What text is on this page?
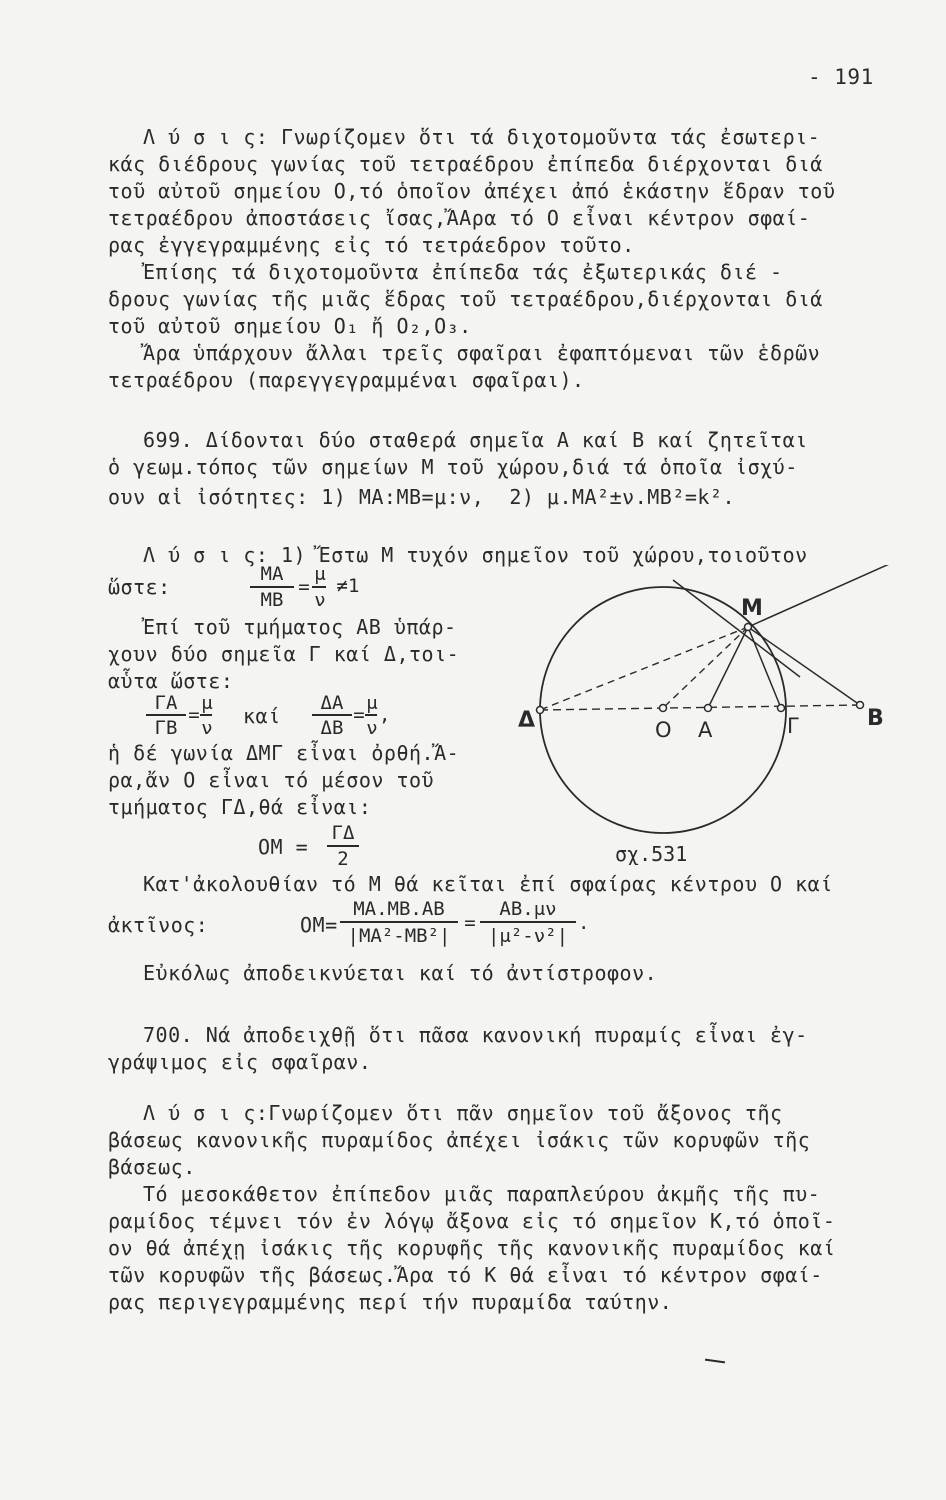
- 191
Λ ύ σ ι ς: Γνωρίζομεν ὅτι τά διχοτομοῦντα τάς ἐσωτερι-
κάς διέδρους γωνίας τοῦ τετραέδρου ἐπίπεδα διέρχονται διά
τοῦ αὐτοῦ σημείου Ο,τό ὁποῖον ἀπέχει ἀπό ἑκάστην ἕδραν τοῦ
τετραέδρου ἀποστάσεις ἴσας,ἌΑρα τό Ο εἶναι κέντρον σφαί-
ρας ἐγγεγραμμένης εἰς τό τετράεδρον τοῦτο.
Ἐπίσης τά διχοτομοῦντα ἐπίπεδα τάς ἐξωτερικάς διέ -
δρους γωνίας τῆς μιᾶς ἕδρας τοῦ τετραέδρου,διέρχονται διά
τοῦ αὐτοῦ σημείου Ο₁ ἤ Ο₂,Ο₃.
Ἄρα ὑπάρχουν ἄλλαι τρεῖς σφαῖραι ἐφαπτόμεναι τῶν ἑδρῶν
τετραέδρου (παρεγγεγραμμέναι σφαῖραι).
699. Δίδονται δύο σταθερά σημεῖα Α καί Β καί ζητεῖται
ὁ γεωμ.τόπος τῶν σημείων Μ τοῦ χώρου,διά τά ὁποῖα ἰσχύ-
ουν αἱ ἰσότητες: 1) ΜΑ:ΜΒ=μ:ν,  2) μ.ΜΑ²±ν.ΜΒ²=k².
Λ ύ σ ι ς: 1) Ἔστω Μ τυχόν σημεῖον τοῦ χώρου,τοιοῦτον
ὥστε:
ΜΑ
ΜΒ
=
μ
ν
≠1
Ἐπί τοῦ τμήματος ΑΒ ὑπάρ-
χουν δύο σημεῖα Γ καί Δ,τοι-
αὗτα ὥστε:
ΓΑ
ΓΒ
=
μ
ν καί
ΔΑ
ΔΒ
=
μ
ν
,
ἡ δέ γωνία ΔΜΓ εἶναι ὀρθή.Ἄ-
ρα,ἄν Ο εἶναι τό μέσον τοῦ
τμήματος ΓΔ,θά εἶναι:
ΟΜ =
ΓΔ
2
Κατ'ἀκολουθίαν τό Μ θά κεῖται ἐπί σφαίρας κέντρου Ο καί
ἀκτῖνος:	ΟΜ=
ΜΑ.ΜΒ.ΑΒ
|ΜΑ²-ΜΒ²|
=
ΑΒ.μν
|μ²-ν²|
.
Εὐκόλως ἀποδεικνύεται καί τό ἀντίστροφον.
M
Δ	O A	Γ	B
σχ.531
700. Νά ἀποδειχθῇ ὅτι πᾶσα κανονική πυραμίς εἶναι ἐγ-
γράψιμος εἰς σφαῖραν.
Λ ύ σ ι ς:Γνωρίζομεν ὅτι πᾶν σημεῖον τοῦ ἄξονος τῆς
βάσεως κανονικῆς πυραμίδος ἀπέχει ἰσάκις τῶν κορυφῶν τῆς
βάσεως.
Τό μεσοκάθετον ἐπίπεδον μιᾶς παραπλεύρου ἀκμῆς τῆς πυ-
ραμίδος τέμνει τόν ἐν λόγῳ ἄξονα εἰς τό σημεῖον Κ,τό ὁποῖ-
ον θά ἀπέχῃ ἰσάκις τῆς κορυφῆς τῆς κανονικῆς πυραμίδος καί
τῶν κορυφῶν τῆς βάσεως.Ἄρα τό Κ θά εἶναι τό κέντρον σφαί-
ρας περιγεγραμμένης περί τήν πυραμίδα ταύτην.
